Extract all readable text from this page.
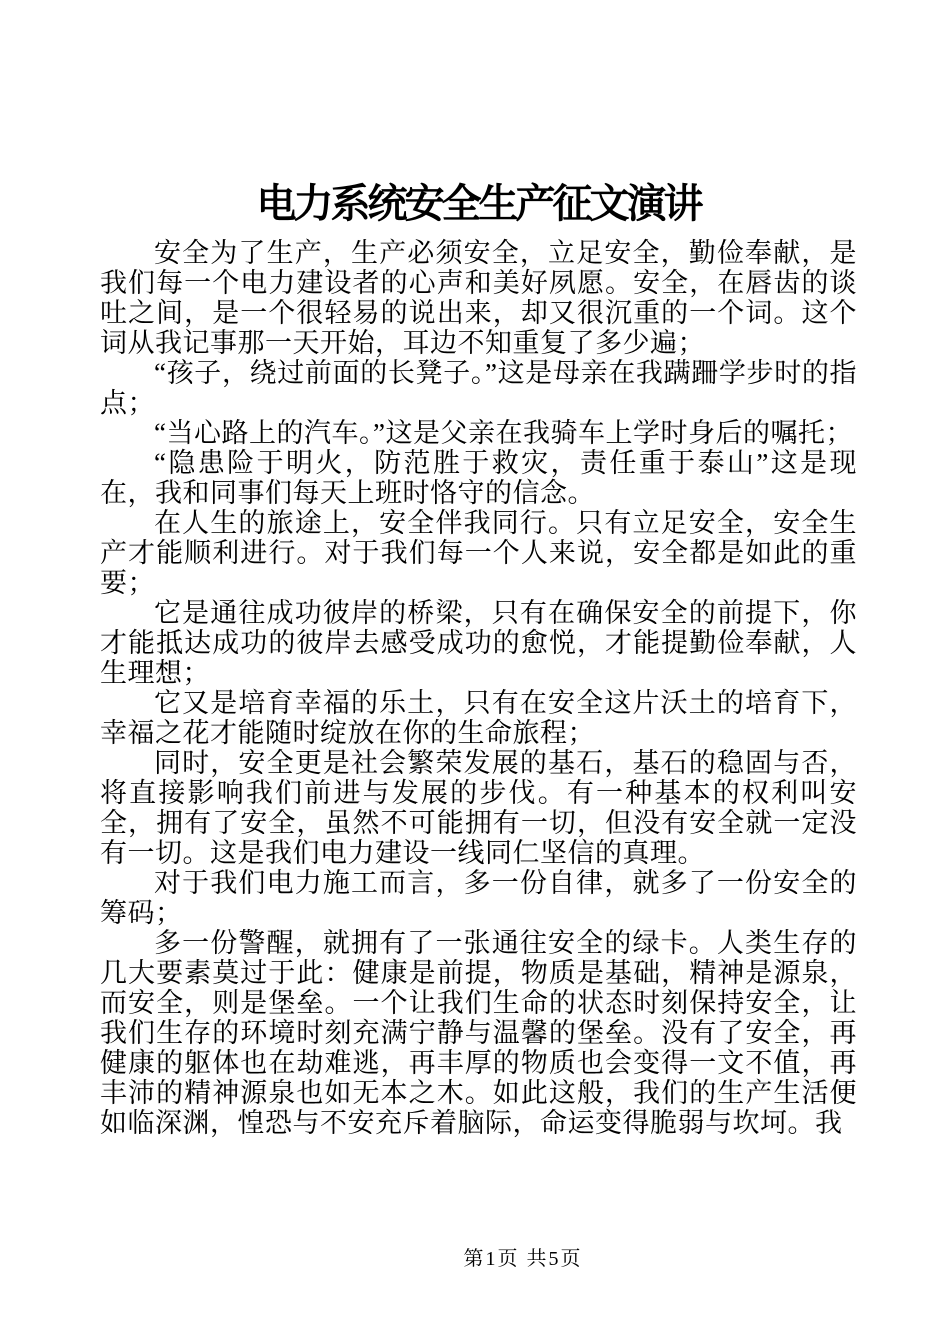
电力系统安全生产征文演讲

安全为了生产，生产必须安全，立足安全，勤俭奉献，是我们每一个电力建设者的心声和美好夙愿。安全，在唇齿的谈吐之间，是一个很轻易的说出来，却又很沉重的一个词。这个词从我记事那一天开始，耳边不知重复了多少遍；

“孩子，绕过前面的长凳子。”这是母亲在我蹒跚学步时的指点；

“当心路上的汽车。”这是父亲在我骑车上学时身后的嘱托；

“隐患险于明火，防范胜于救灾，责任重于泰山”这是现在，我和同事们每天上班时恪守的信念。

在人生的旅途上，安全伴我同行。只有立足安全，安全生产才能顺利进行。对于我们每一个人来说，安全都是如此的重要；

它是通往成功彼岸的桥梁，只有在确保安全的前提下，你才能抵达成功的彼岸去感受成功的愈悦，才能提勤俭奉献，人生理想；

它又是培育幸福的乐土，只有在安全这片沃土的培育下，幸福之花才能随时绽放在你的生命旅程；

同时，安全更是社会繁荣发展的基石，基石的稳固与否，将直接影响我们前进与发展的步伐。有一种基本的权利叫安全，拥有了安全，虽然不可能拥有一切，但没有安全就一定没有一切。这是我们电力建设一线同仁坚信的真理。

对于我们电力施工而言，多一份自律，就多了一份安全的筹码；

多一份警醒，就拥有了一张通往安全的绿卡。人类生存的几大要素莫过于此：健康是前提，物质是基础，精神是源泉，而安全，则是堡垒。一个让我们生命的状态时刻保持安全，让我们生存的环境时刻充满宁静与温馨的堡垒。没有了安全，再健康的躯体也在劫难逃，再丰厚的物质也会变得一文不值，再丰沛的精神源泉也如无本之木。如此这般，我们的生产生活便如临深渊，惶恐与不安充斥着脑际，命运变得脆弱与坎坷。我

第1页 共5页
